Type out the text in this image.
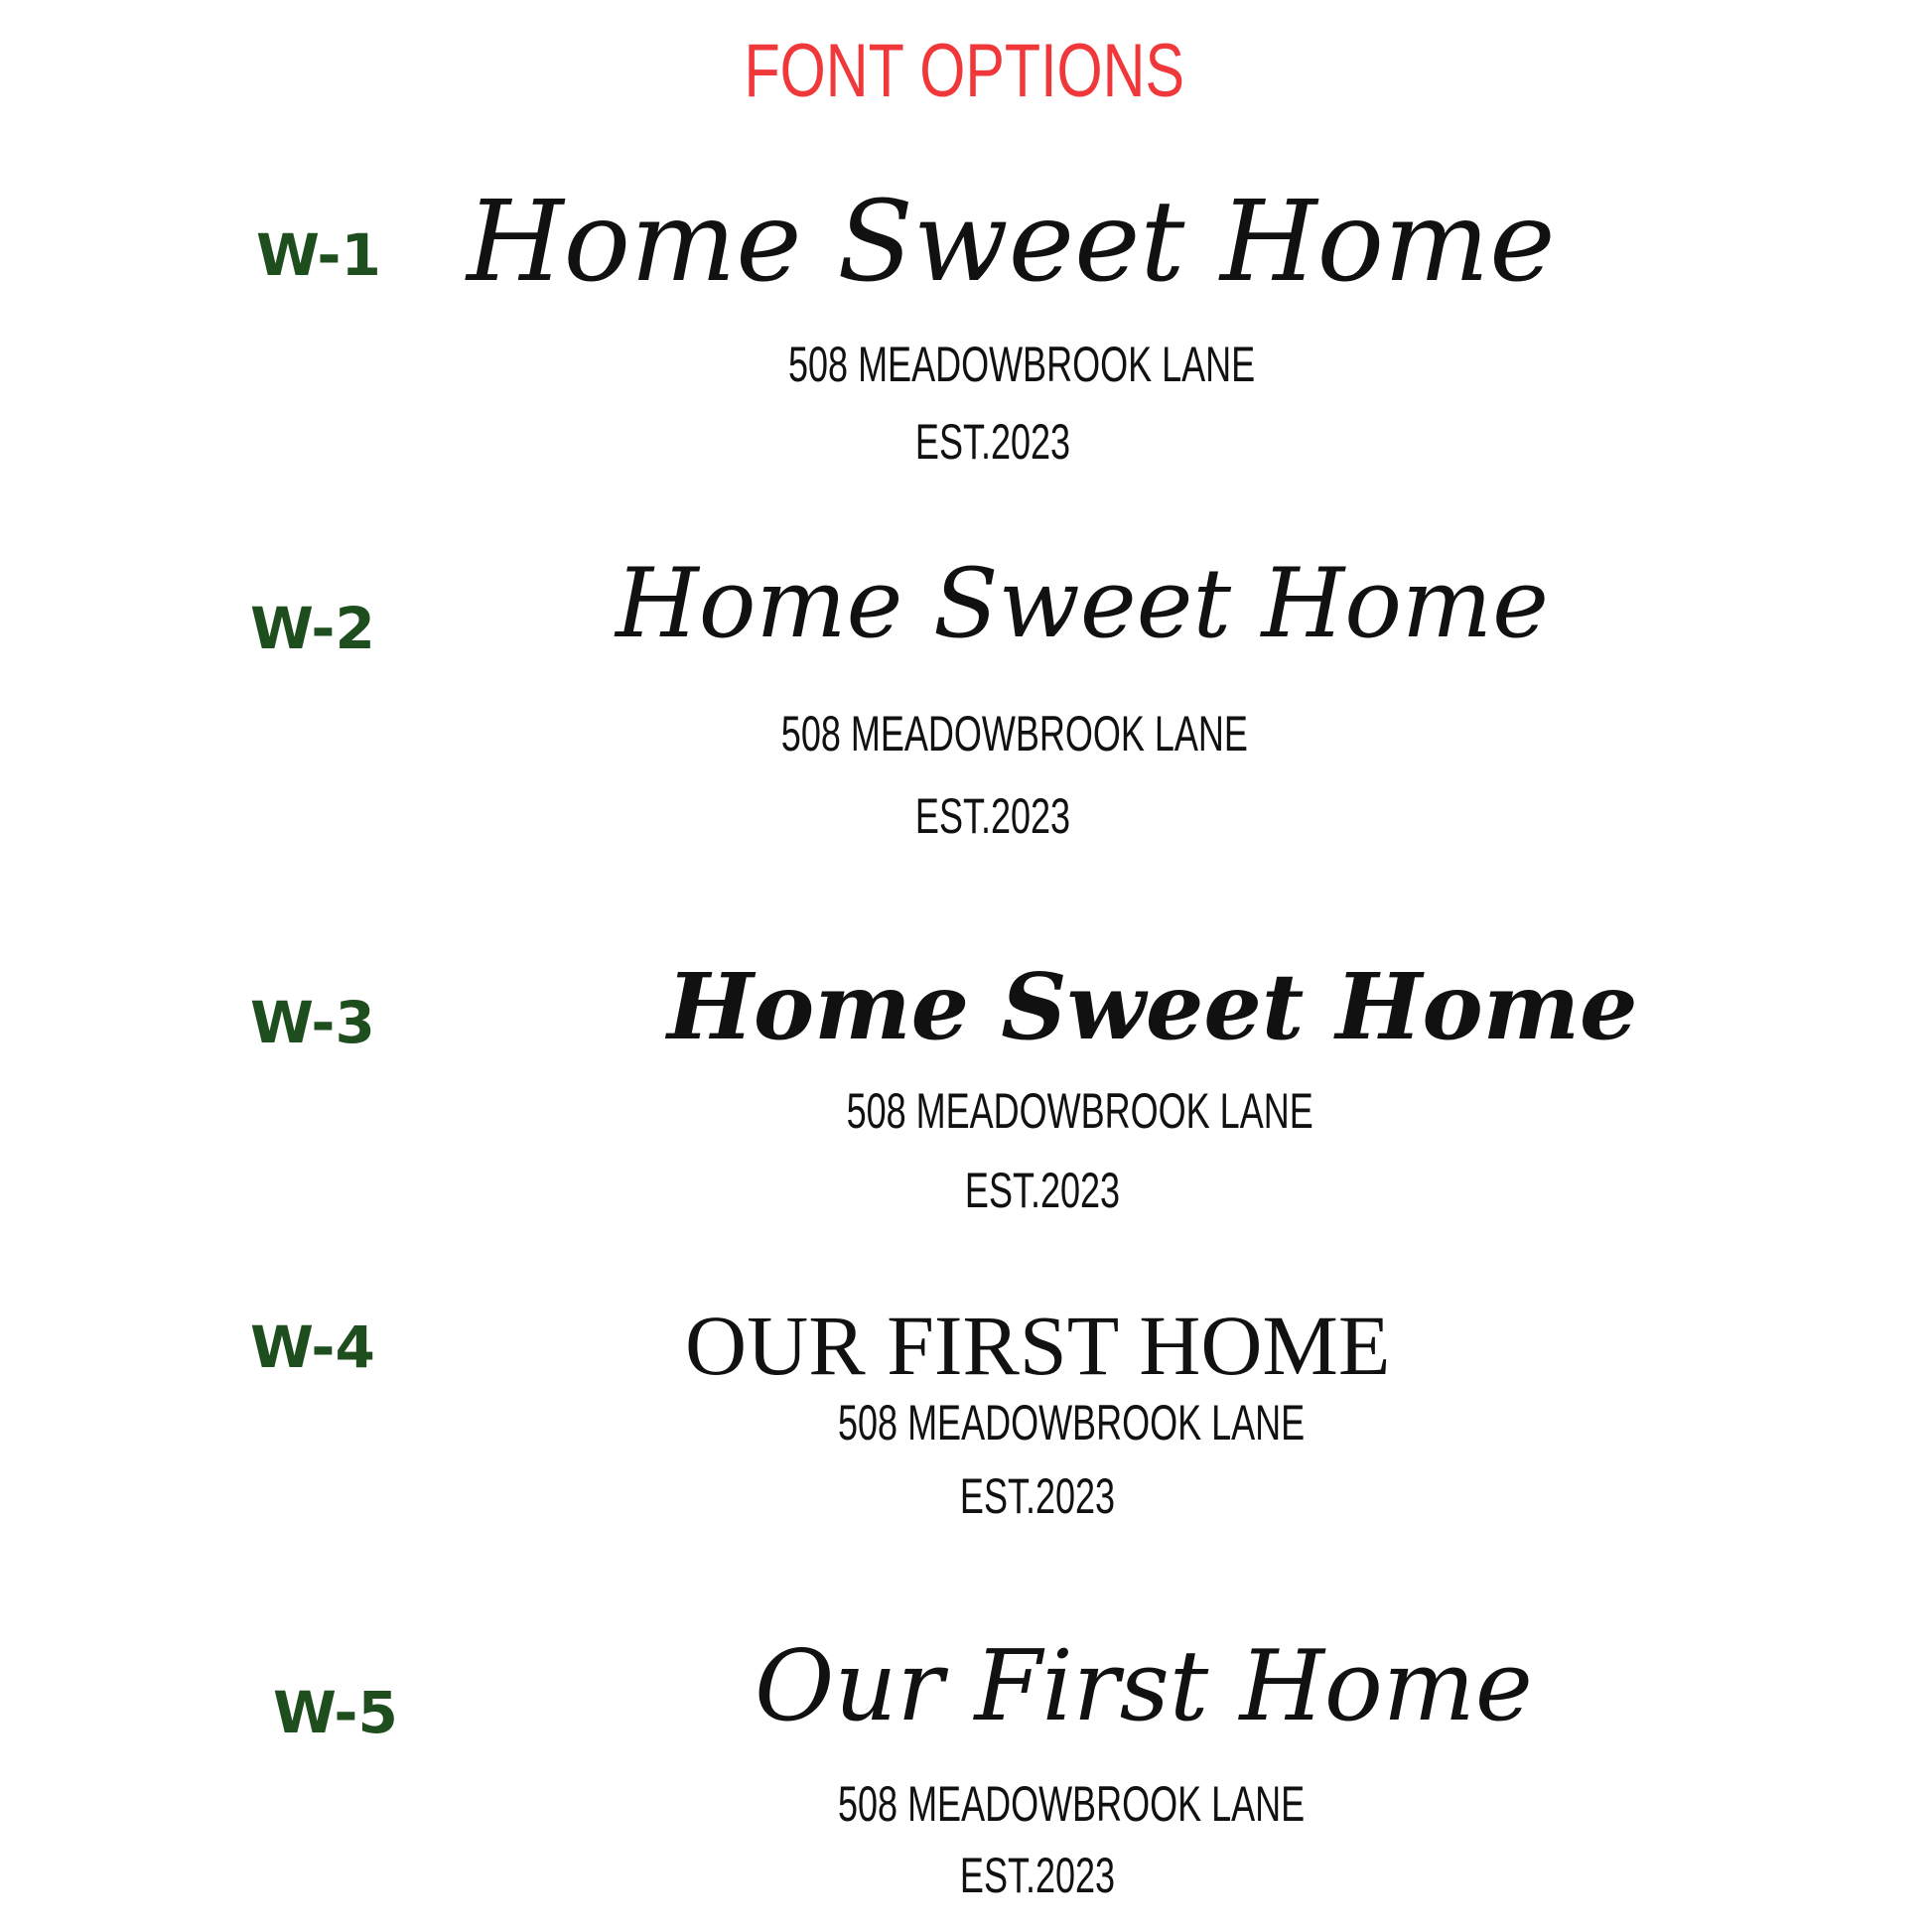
FONT OPTIONS
W-1 Home Sweet Home
508 MEADOWBROOK LANE
EST.2023
W-2	Home Sweet Home
508 MEADOWBROOK LANE
EST.2023
W-3	Home Sweet Home
508 MEADOWBROOK LANE
EST.2023
W-4	OUR FIRST HOME
508 MEADOWBROOK LANE
EST.2023
W-5	Our First Home
508 MEADOWBROOK LANE
EST.2023
